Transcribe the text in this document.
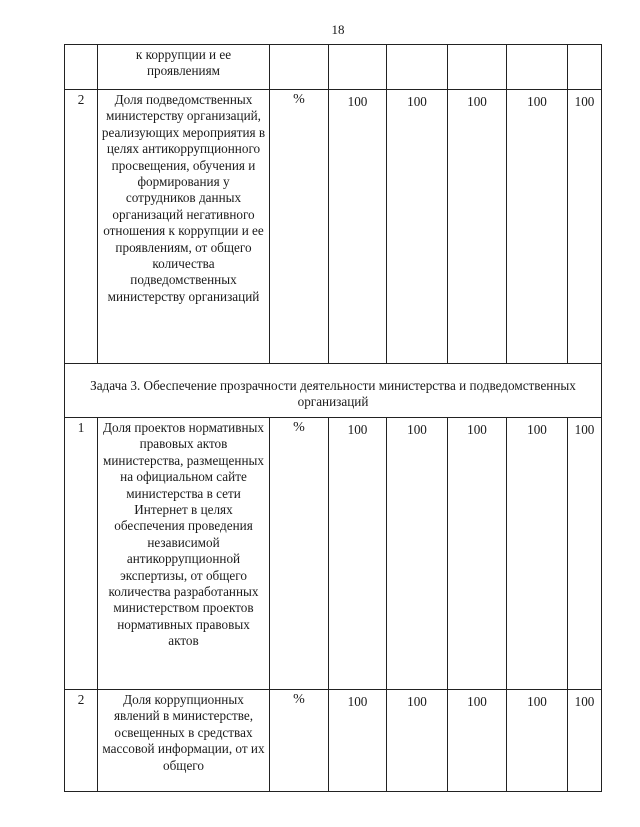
18
	к коррупции и ее проявлениям						
2	Доля подведомственных министерству организаций, реализующих мероприятия в целях антикоррупционного просвещения, обучения и формирования у сотрудников данных организаций негативного отношения к коррупции и ее проявлениям, от общего количества подведомственных министерству организаций	%	100	100	100	100	100
Задача 3. Обеспечение прозрачности деятельности министерства и подведомственных организаций							
1	Доля проектов нормативных правовых актов министерства, размещенных на официальном сайте министерства в сети Интернет в целях обеспечения проведения независимой антикоррупционной экспертизы, от общего количества разработанных министерством проектов нормативных правовых актов	%	100	100	100	100	100
2	Доля коррупционных явлений в министерстве, освещенных в средствах массовой информации, от их общего	%	100	100	100	100	100
